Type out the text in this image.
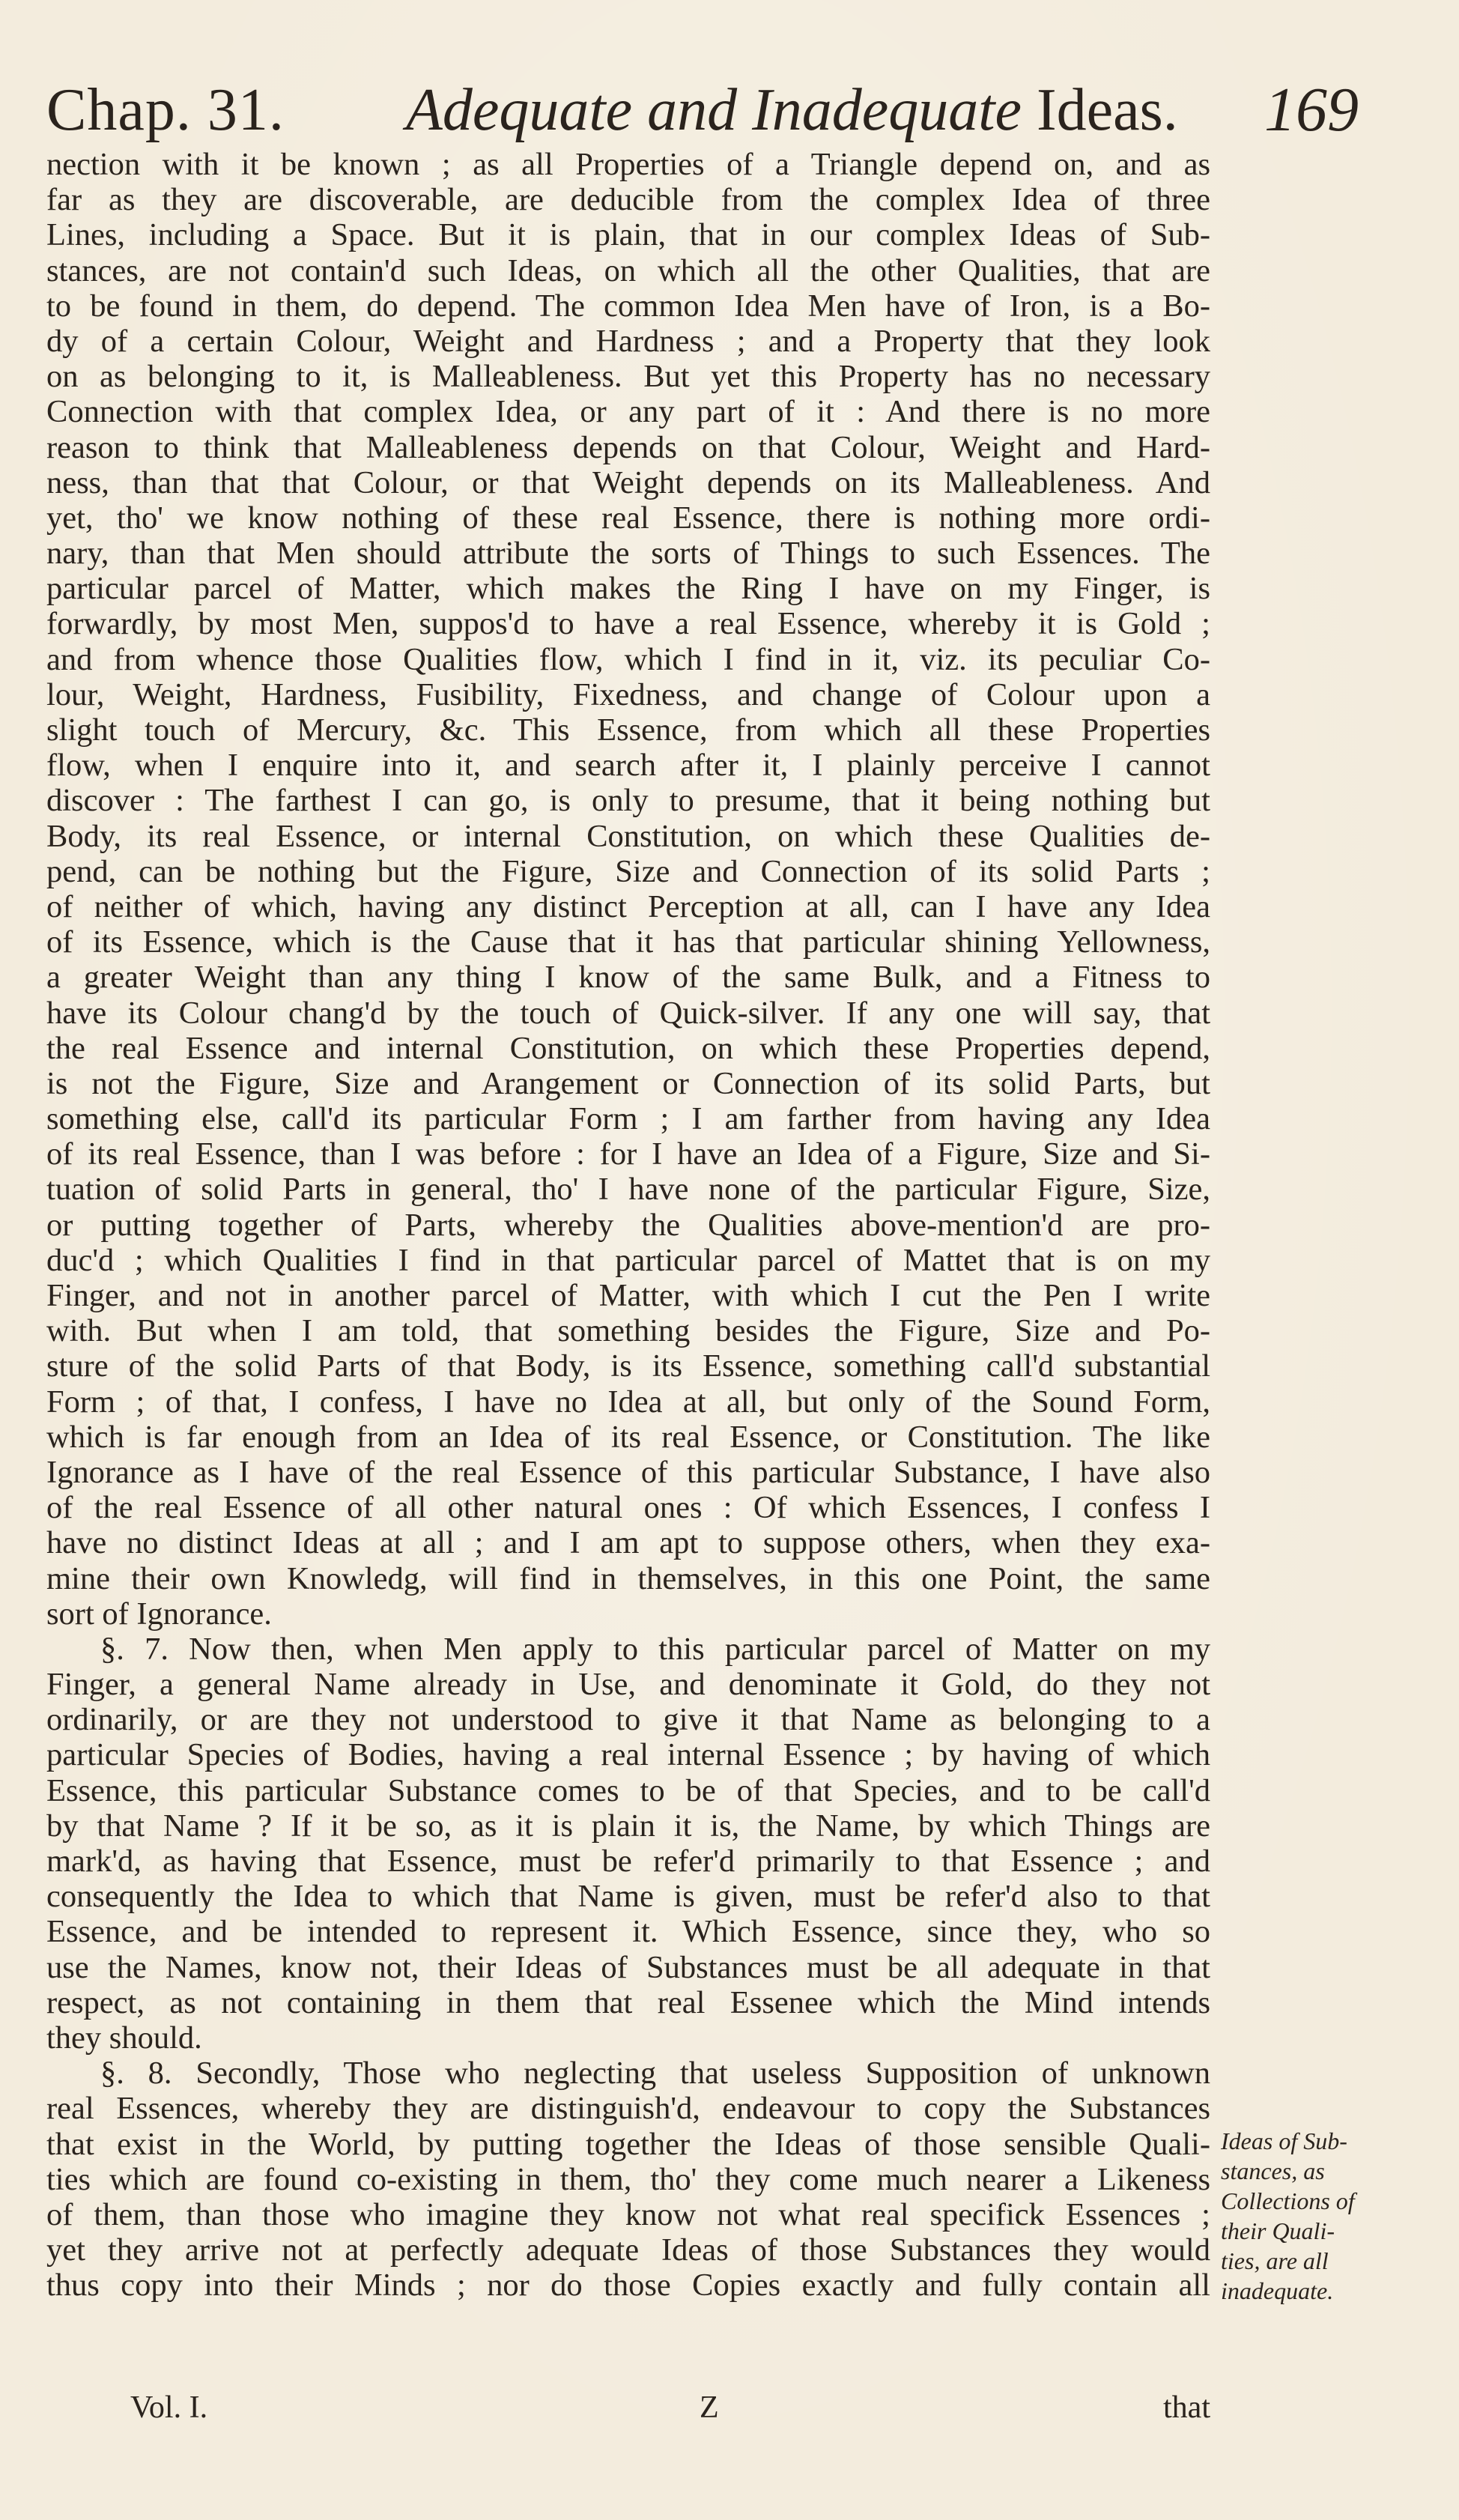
Chap. 31. Adequate and Inadequate Ideas. 169
nection with it be known ; as all Properties of a Triangle depend on, and as
far as they are discoverable, are deducible from the complex Idea of three
Lines, including a Space. But it is plain, that in our complex Ideas of Sub-
stances, are not contain'd such Ideas, on which all the other Qualities, that are
to be found in them, do depend. The common Idea Men have of Iron, is a Bo-
dy of a certain Colour, Weight and Hardness ; and a Property that they look
on as belonging to it, is Malleableness. But yet this Property has no necessary
Connection with that complex Idea, or any part of it : And there is no more
reason to think that Malleableness depends on that Colour, Weight and Hard-
ness, than that that Colour, or that Weight depends on its Malleableness. And
yet, tho' we know nothing of these real Essence, there is nothing more ordi-
nary, than that Men should attribute the sorts of Things to such Essences. The
particular parcel of Matter, which makes the Ring I have on my Finger, is
forwardly, by most Men, suppos'd to have a real Essence, whereby it is Gold ;
and from whence those Qualities flow, which I find in it, viz. its peculiar Co-
lour, Weight, Hardness, Fusibility, Fixedness, and change of Colour upon a
slight touch of Mercury, &c. This Essence, from which all these Properties
flow, when I enquire into it, and search after it, I plainly perceive I cannot
discover : The farthest I can go, is only to presume, that it being nothing but
Body, its real Essence, or internal Constitution, on which these Qualities de-
pend, can be nothing but the Figure, Size and Connection of its solid Parts ;
of neither of which, having any distinct Perception at all, can I have any Idea
of its Essence, which is the Cause that it has that particular shining Yellowness,
a greater Weight than any thing I know of the same Bulk, and a Fitness to
have its Colour chang'd by the touch of Quick-silver. If any one will say, that
the real Essence and internal Constitution, on which these Properties depend,
is not the Figure, Size and Arangement or Connection of its solid Parts, but
something else, call'd its particular Form ; I am farther from having any Idea
of its real Essence, than I was before : for I have an Idea of a Figure, Size and Si-
tuation of solid Parts in general, tho' I have none of the particular Figure, Size,
or putting together of Parts, whereby the Qualities above-mention'd are pro-
duc'd ; which Qualities I find in that particular parcel of Mattet that is on my
Finger, and not in another parcel of Matter, with which I cut the Pen I write
with. But when I am told, that something besides the Figure, Size and Po-
sture of the solid Parts of that Body, is its Essence, something call'd substantial
Form ; of that, I confess, I have no Idea at all, but only of the Sound Form,
which is far enough from an Idea of its real Essence, or Constitution. The like
Ignorance as I have of the real Essence of this particular Substance, I have also
of the real Essence of all other natural ones : Of which Essences, I confess I
have no distinct Ideas at all ; and I am apt to suppose others, when they exa-
mine their own Knowledg, will find in themselves, in this one Point, the same
sort of Ignorance.
§. 7. Now then, when Men apply to this particular parcel of Matter on my
Finger, a general Name already in Use, and denominate it Gold, do they not
ordinarily, or are they not understood to give it that Name as belonging to a
particular Species of Bodies, having a real internal Essence ; by having of which
Essence, this particular Substance comes to be of that Species, and to be call'd
by that Name ? If it be so, as it is plain it is, the Name, by which Things are
mark'd, as having that Essence, must be refer'd primarily to that Essence ; and
consequently the Idea to which that Name is given, must be refer'd also to that
Essence, and be intended to represent it. Which Essence, since they, who so
use the Names, know not, their Ideas of Substances must be all adequate in that
respect, as not containing in them that real Essenee which the Mind intends
they should.
§. 8. Secondly, Those who neglecting that useless Supposition of unknown
real Essences, whereby they are distinguish'd, endeavour to copy the Substances
that exist in the World, by putting together the Ideas of those sensible Quali-
ties which are found co-existing in them, tho' they come much nearer a Likeness
of them, than those who imagine they know not what real specifick Essences ;
yet they arrive not at perfectly adequate Ideas of those Substances they would
thus copy into their Minds ; nor do those Copies exactly and fully contain all
Ideas of Sub-
stances, as
Collections of
their Quali-
ties, are all
inadequate.
Vol. I.	Z	that
